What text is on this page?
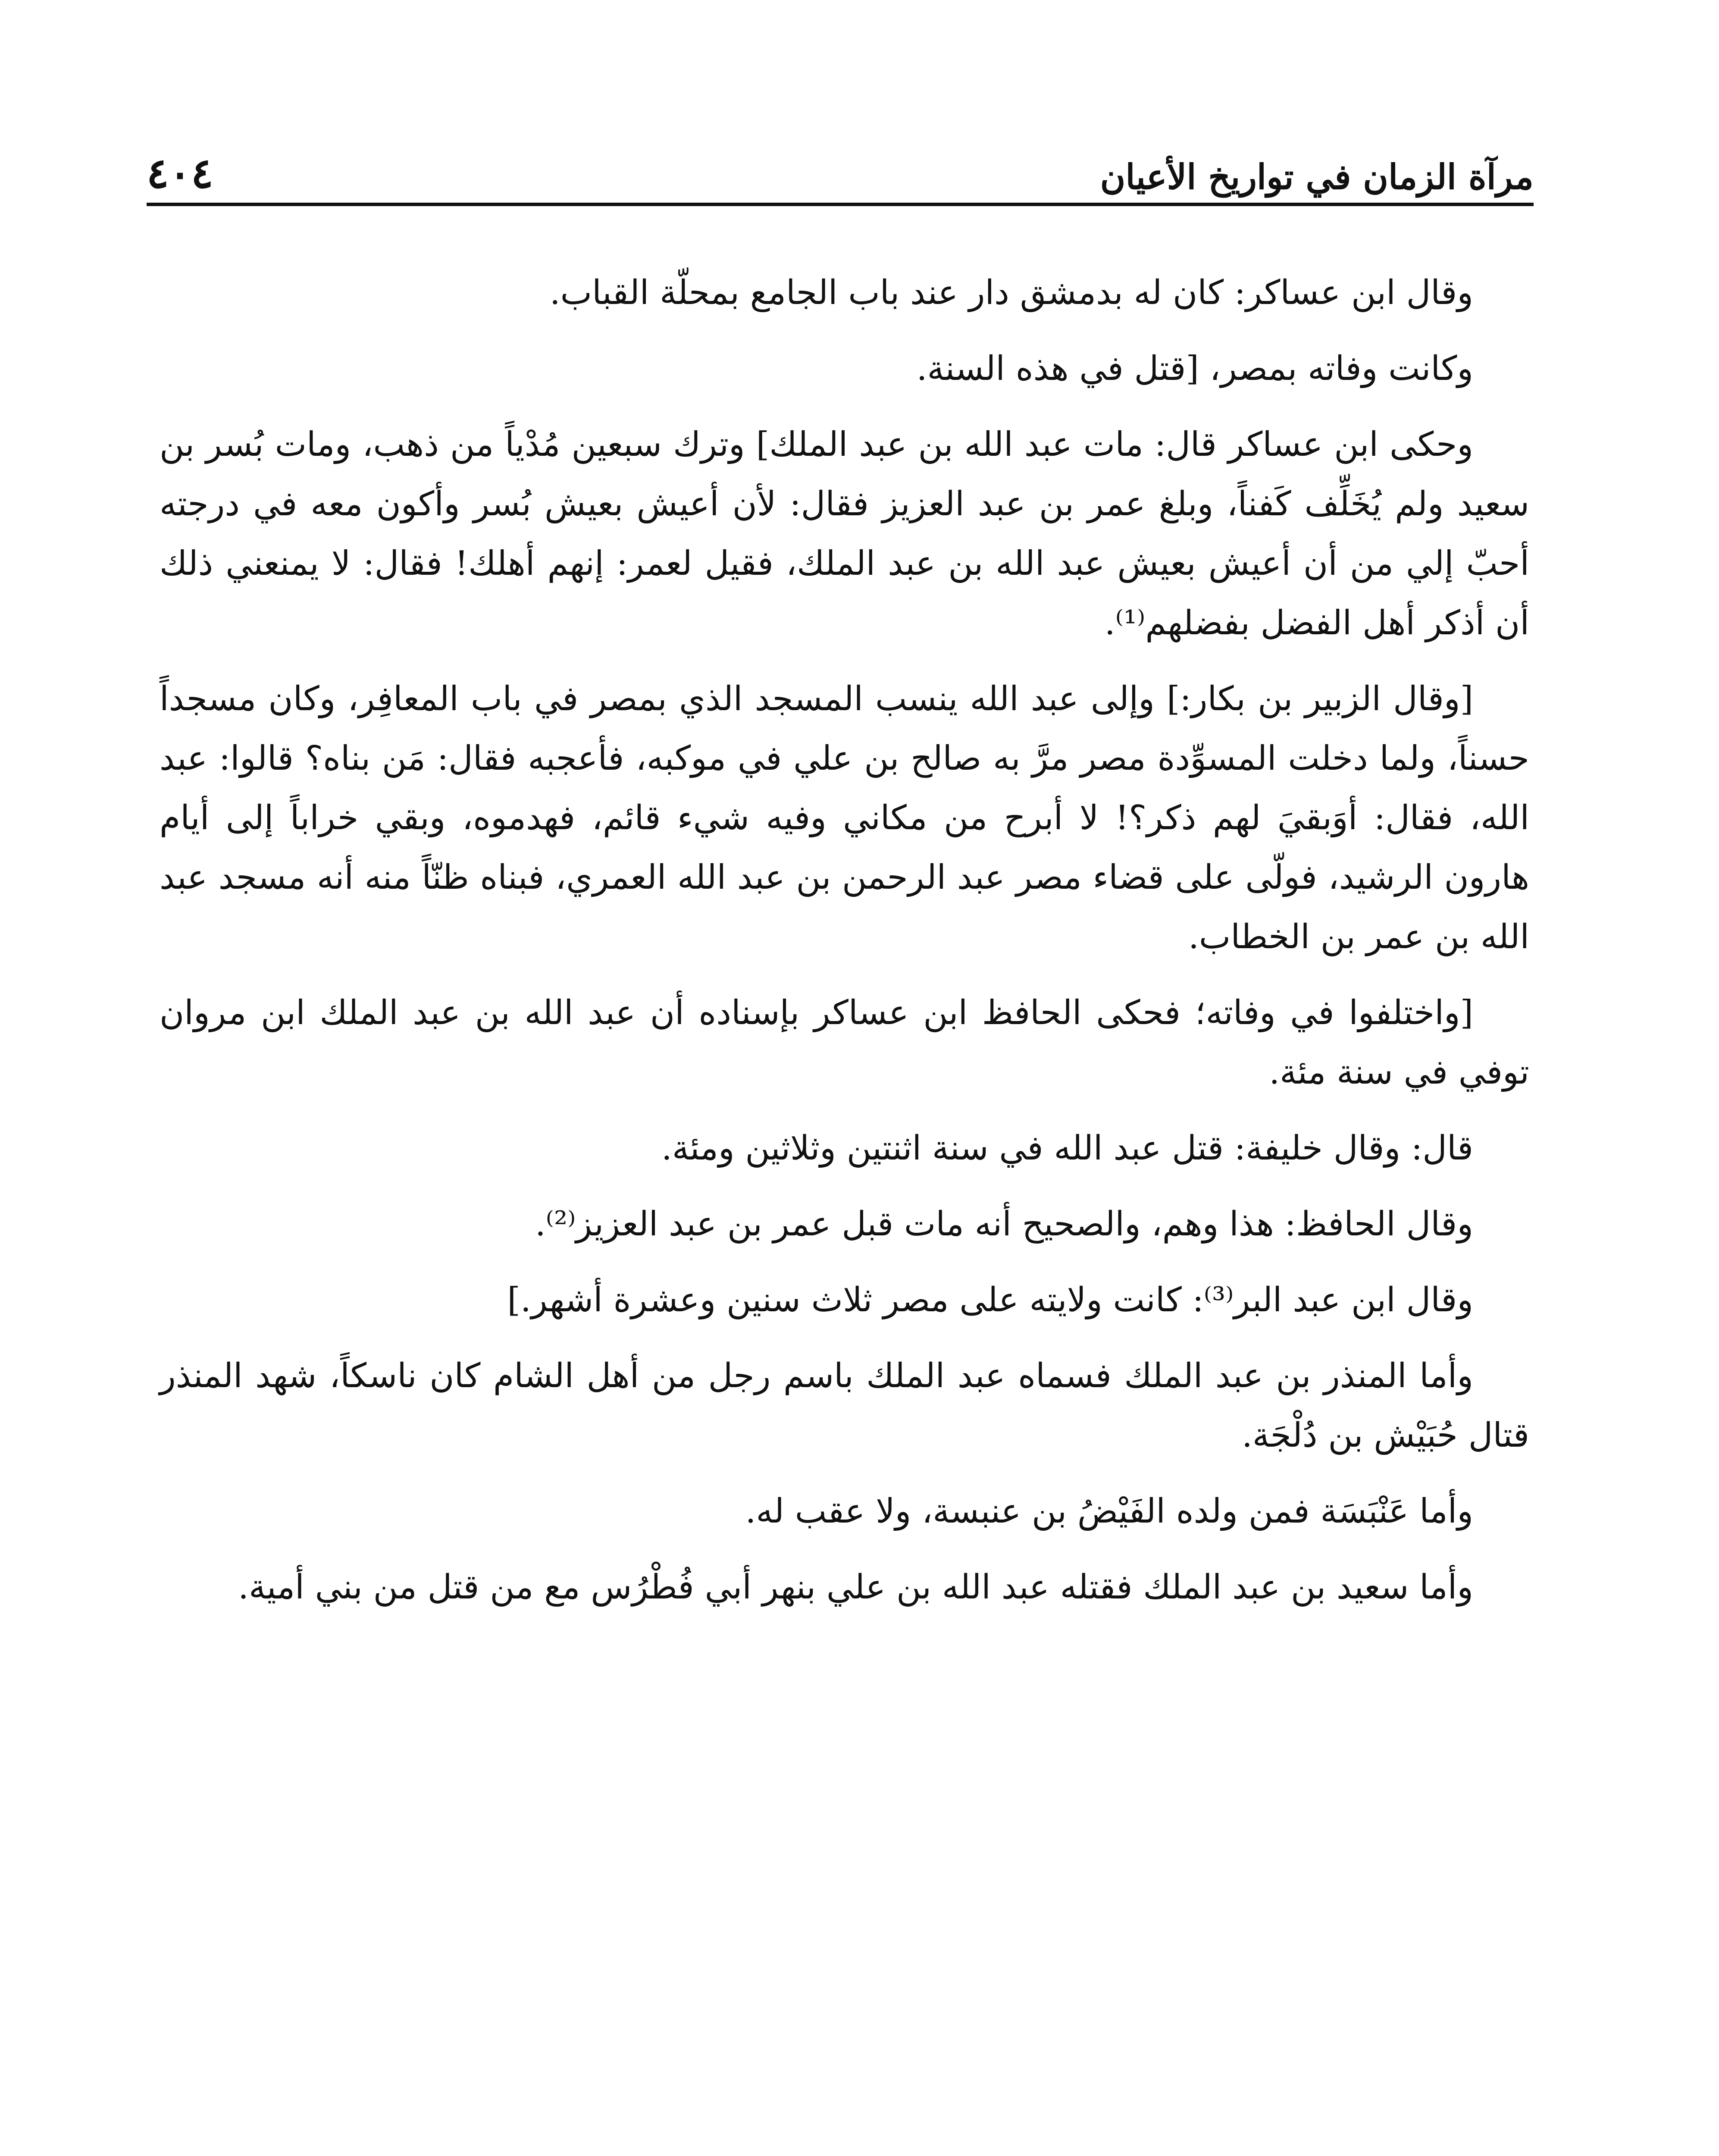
مرآة الزمان في تواريخ الأعيان
٤٠٤

وقال ابن عساكر: كان له بدمشق دار عند باب الجامع بمحلّة القباب.

وكانت وفاته بمصر، [قتل في هذه السنة.

وحكى ابن عساكر قال: مات عبد الله بن عبد الملك] وترك سبعين مُدْياً من ذهب، ومات بُسر بن سعيد ولم يُخَلِّف كَفناً، وبلغ عمر بن عبد العزيز فقال: لأن أعيش بعيش بُسر وأكون معه في درجته أحبّ إلي من أن أعيش بعيش عبد الله بن عبد الملك، فقيل لعمر: إنهم أهلك! فقال: لا يمنعني ذلك أن أذكر أهل الفضل بفضلهم⁽¹⁾.

[وقال الزبير بن بكار:] وإلى عبد الله ينسب المسجد الذي بمصر في باب المعافِر، وكان مسجداً حسناً، ولما دخلت المسوِّدة مصر مرَّ به صالح بن علي في موكبه، فأعجبه فقال: مَن بناه؟ قالوا: عبد الله، فقال: أوَبقيَ لهم ذكر؟! لا أبرح من مكاني وفيه شيء قائم، فهدموه، وبقي خراباً إلى أيام هارون الرشيد، فولّى على قضاء مصر عبد الرحمن بن عبد الله العمري، فبناه ظنّاً منه أنه مسجد عبد الله بن عمر بن الخطاب.

[واختلفوا في وفاته؛ فحكى الحافظ ابن عساكر بإسناده أن عبد الله بن عبد الملك ابن مروان توفي في سنة مئة.

قال: وقال خليفة: قتل عبد الله في سنة اثنتين وثلاثين ومئة.

وقال الحافظ: هذا وهم، والصحيح أنه مات قبل عمر بن عبد العزيز⁽²⁾.

وقال ابن عبد البر⁽³⁾: كانت ولايته على مصر ثلاث سنين وعشرة أشهر.]

وأما المنذر بن عبد الملك فسماه عبد الملك باسم رجل من أهل الشام كان ناسكاً، شهد المنذر قتال حُبَيْش بن دُلْجَة.

وأما عَنْبَسَة فمن ولده الفَيْضُ بن عنبسة، ولا عقب له.

وأما سعيد بن عبد الملك فقتله عبد الله بن علي بنهر أبي فُطْرُس مع من قتل من بني أمية.
